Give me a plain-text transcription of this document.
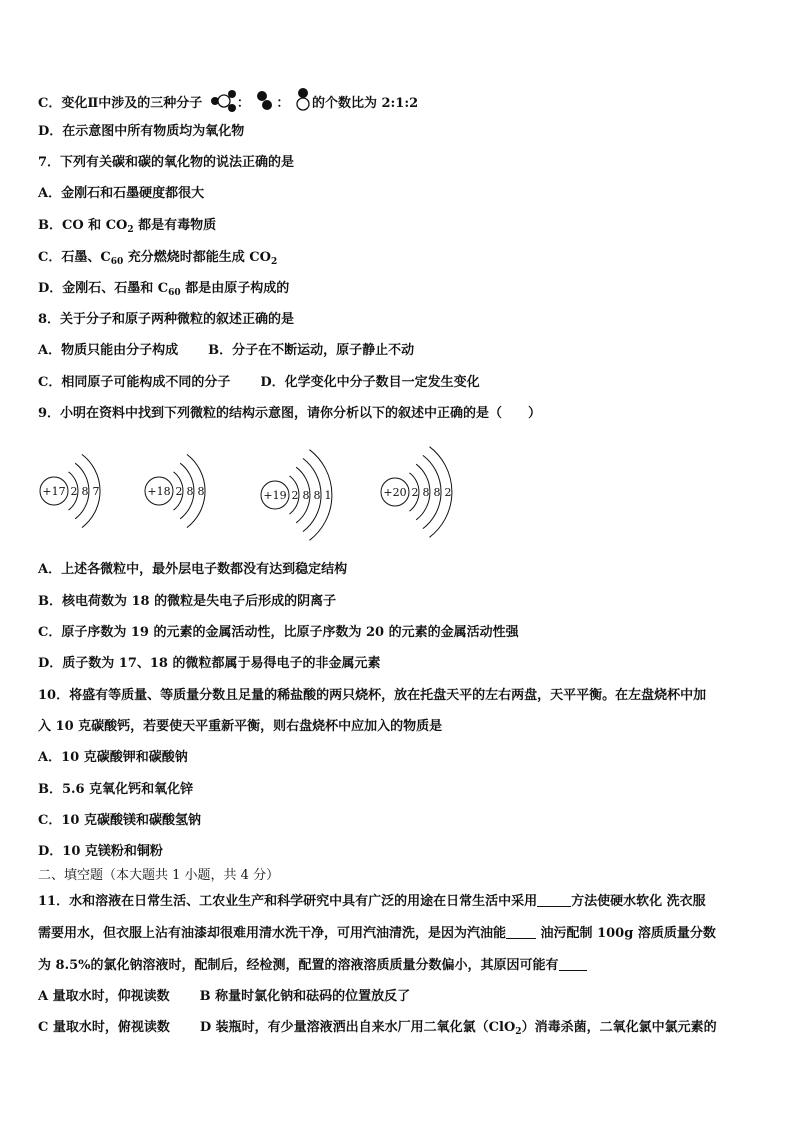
C．变化Ⅱ中涉及的三种分子	： ： 的个数比为 2:1:2
D．在示意图中所有物质均为氧化物
7．下列有关碳和碳的氧化物的说法正确的是
A．金刚石和石墨硬度都很大
B．CO 和 $CO_2$ 都是有毒物质
C．石墨、$C_{60}$ 充分燃烧时都能生成 $CO_2$
D．金刚石、石墨和 $C_{60}$ 都是由原子构成的
8．关于分子和原子两种微粒的叙述正确的是
A．物质只能由分子构成 B．分子在不断运动，原子静止不动
C．相同原子可能构成不同的分子 D．化学变化中分子数目一定发生变化
9．小明在资料中找到下列微粒的结构示意图，请你分析以下的叙述中正确的是（　　）
+17 2 8 7	+18 2 8 8	+19 2 8 8 1	+20 2 8 8 2
A．上述各微粒中，最外层电子数都没有达到稳定结构
B．核电荷数为 18 的微粒是失电子后形成的阴离子
C．原子序数为 19 的元素的金属活动性，比原子序数为 20 的元素的金属活动性强
D．质子数为 17、18 的微粒都属于易得电子的非金属元素
10．将盛有等质量、等质量分数且足量的稀盐酸的两只烧杯，放在托盘天平的左右两盘，天平平衡。在左盘烧杯中加
入 10 克碳酸钙，若要使天平重新平衡，则右盘烧杯中应加入的物质是
A．10 克碳酸钾和碳酸钠
B．5.6 克氧化钙和氧化锌
C．10 克碳酸镁和碳酸氢钠
D．10 克镁粉和铜粉
二、填空题（本大题共 1 小题，共 4 分）
11．水和溶液在日常生活、工农业生产和科学研究中具有广泛的用途在日常生活中采用	方法使硬水软化 洗衣服
需要用水，但衣服上沾有油漆却很难用清水洗干净，可用汽油清洗，是因为汽油能 油污配制 100g 溶质质量分数
为 8.5%的氯化钠溶液时，配制后，经检测，配置的溶液溶质质量分数偏小，其原因可能有
A 量取水时，仰视读数 B 称量时氯化钠和砝码的位置放反了
C 量取水时，俯视读数 D 装瓶时，有少量溶液洒出自来水厂用二氧化氯（ClO$_2$）消毒杀菌，二氧化氯中氯元素的
